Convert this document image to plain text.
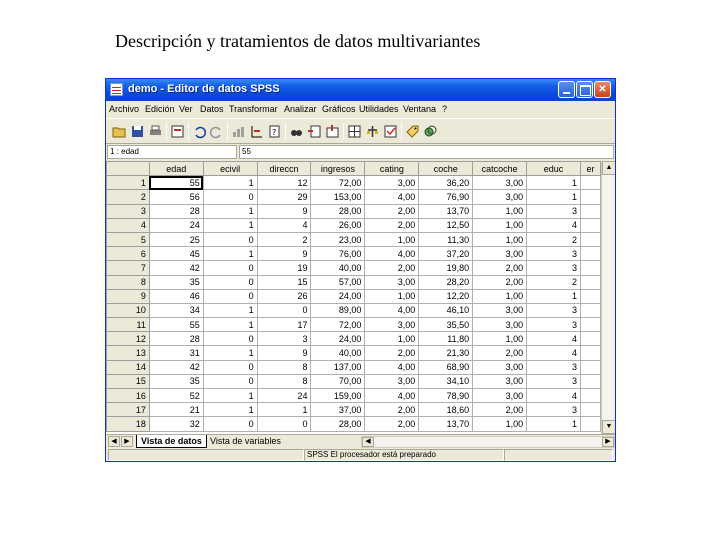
Descripción y tratamientos de datos multivariantes
demo - Editor de datos SPSS
✕
Archivo Edición Ver Datos Transformar Analizar Gráficos Utilidades Ventana ?
?
1 : edad	55
	edad	ecivil	direccn	ingresos	cating	coche	catcoche	educ	er
1	55	1	12	72,00	3,00	36,20	3,00	1	
2	56	0	29	153,00	4,00	76,90	3,00	1	
3	28	1	9	28,00	2,00	13,70	1,00	3	
4	24	1	4	26,00	2,00	12,50	1,00	4	
5	25	0	2	23,00	1,00	11,30	1,00	2	
6	45	1	9	76,00	4,00	37,20	3,00	3	
7	42	0	19	40,00	2,00	19,80	2,00	3	
8	35	0	15	57,00	3,00	28,20	2,00	2	
9	46	0	26	24,00	1,00	12,20	1,00	1	
10	34	1	0	89,00	4,00	46,10	3,00	3	
11	55	1	17	72,00	3,00	35,50	3,00	3	
12	28	0	3	24,00	1,00	11,80	1,00	4	
13	31	1	9	40,00	2,00	21,30	2,00	4	
14	42	0	8	137,00	4,00	68,90	3,00	3	
15	35	0	8	70,00	3,00	34,10	3,00	3	
16	52	1	24	159,00	4,00	78,90	3,00	4	
17	21	1	1	37,00	2,00	18,60	2,00	3	
18	32	0	0	28,00	2,00	13,70	1,00	1	
▲
▼
◀	▶	Vista de datos Vista de variables	◀	▶
SPSS El procesador está preparado
